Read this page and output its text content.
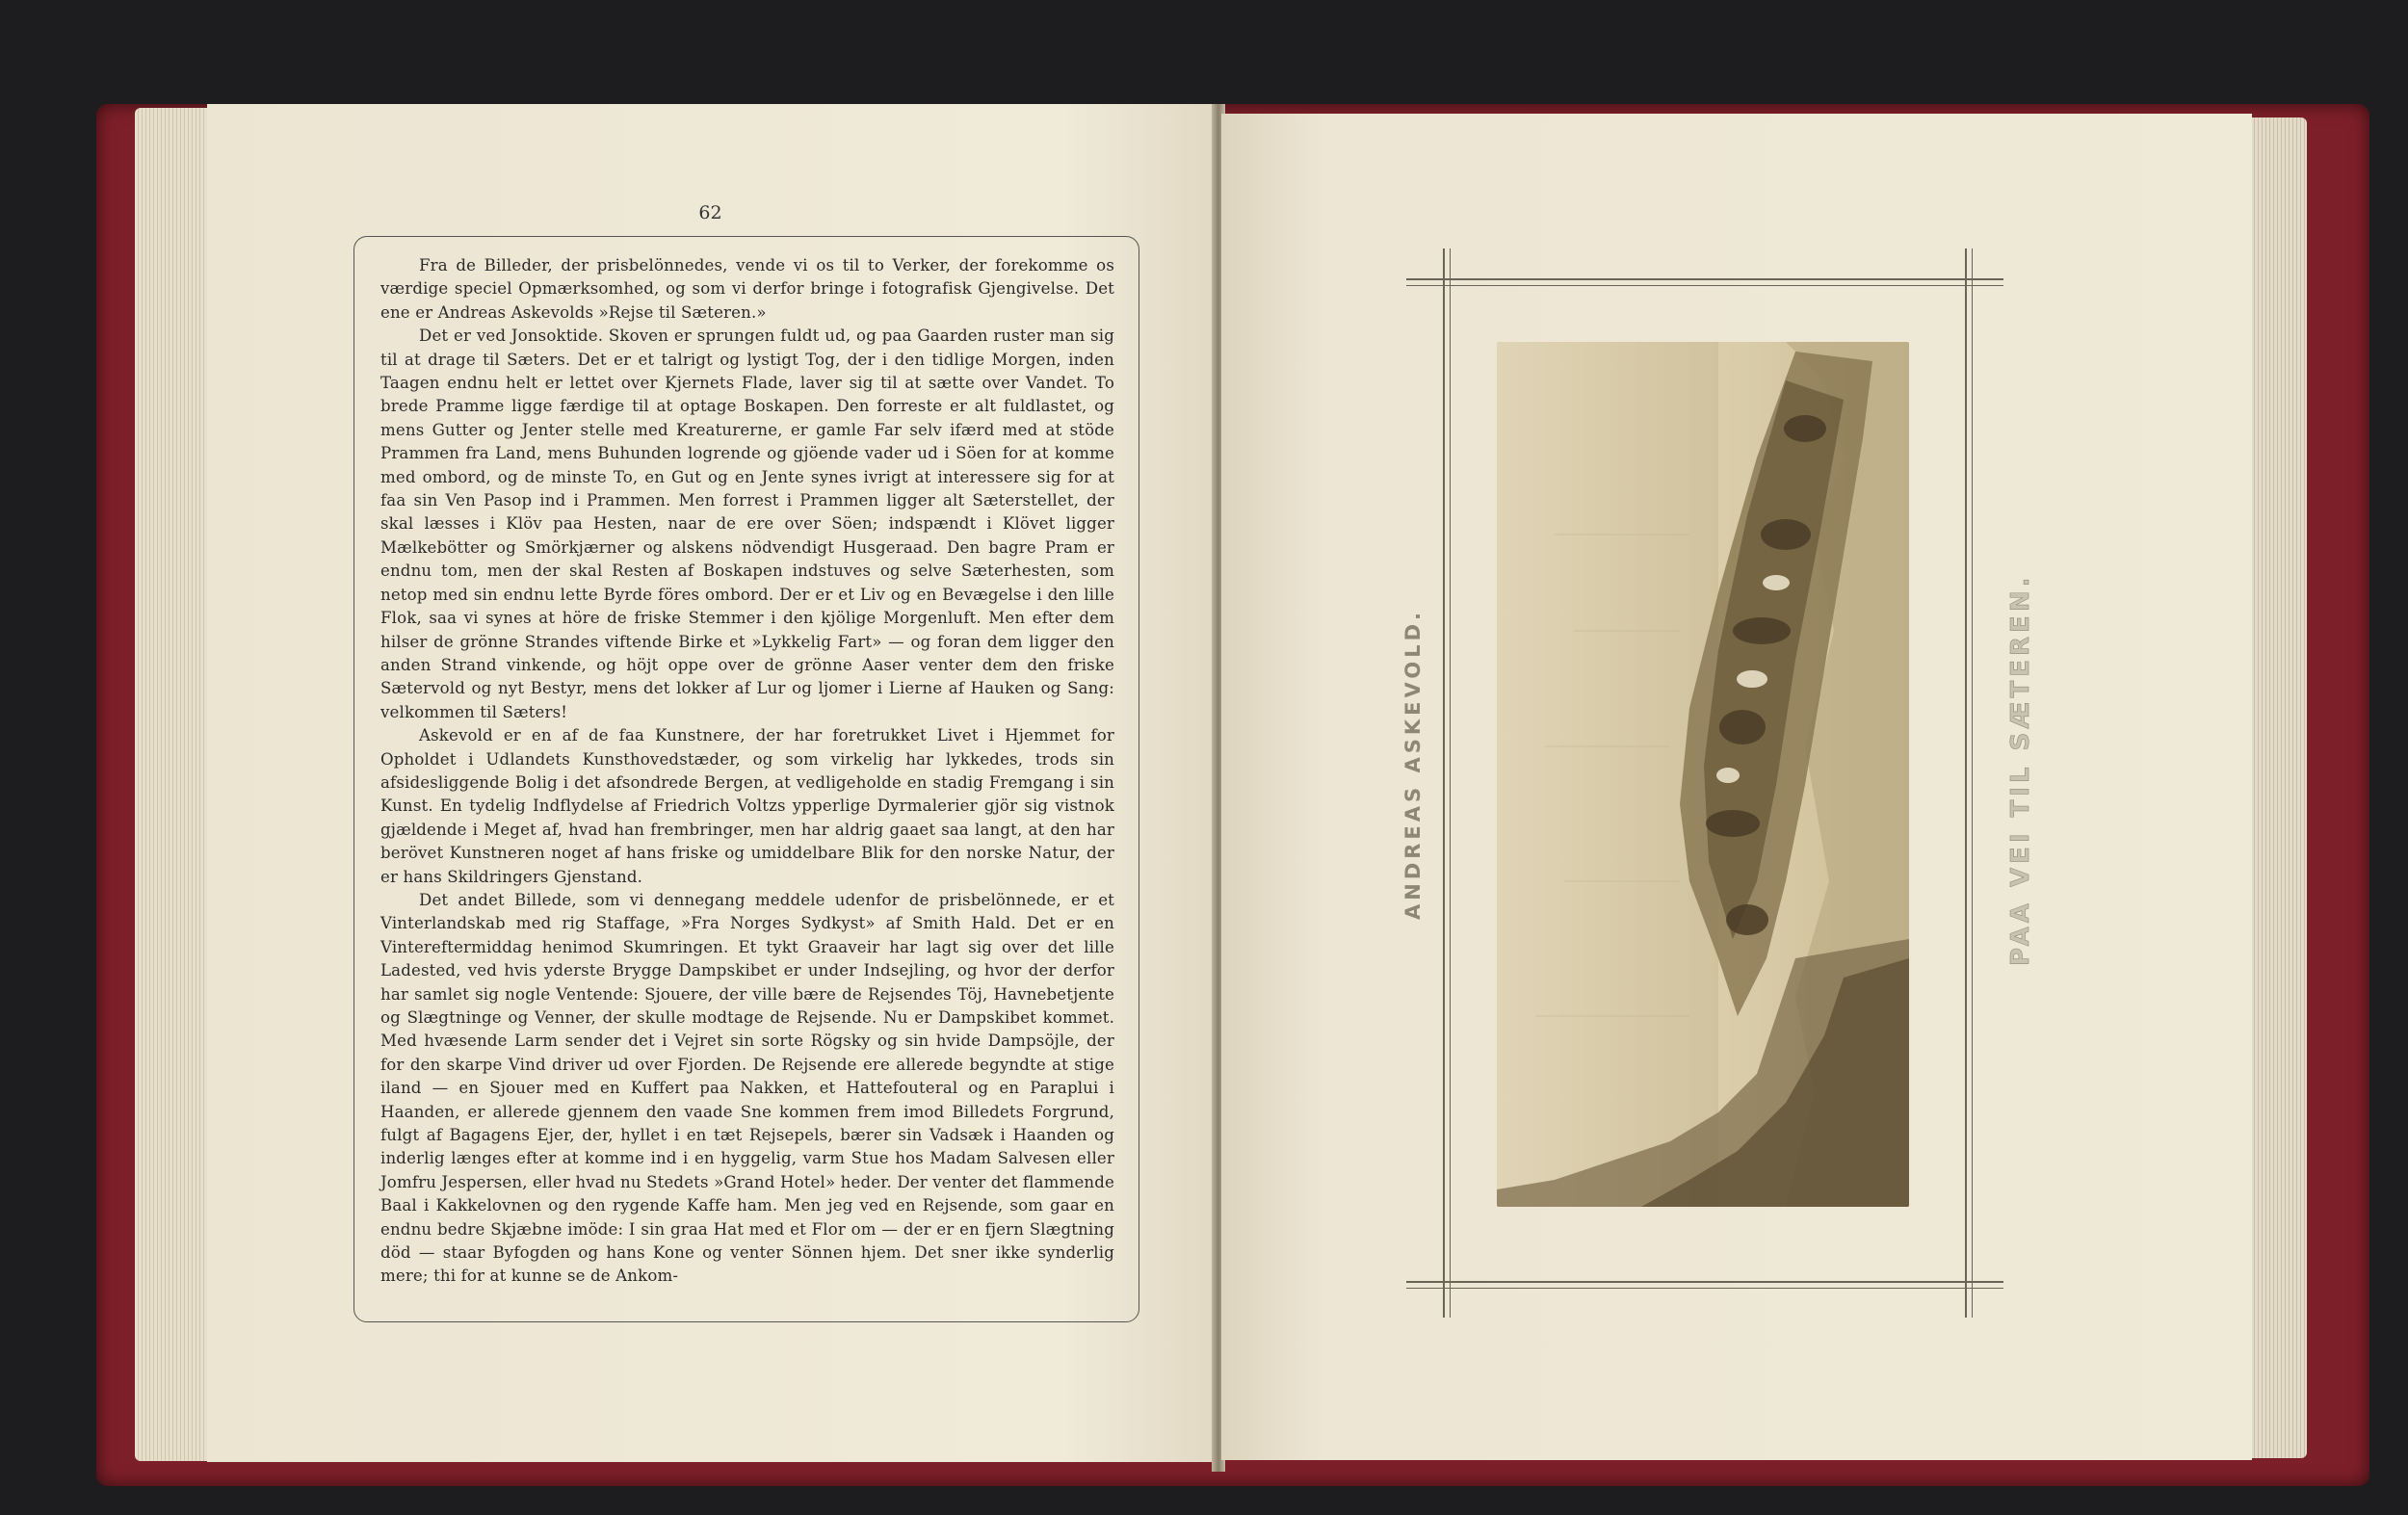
62

Fra de Billeder, der prisbelönnedes, vende vi os til to Verker, der forekomme os værdige speciel Opmærksomhed, og som vi derfor bringe i fotografisk Gjengivelse. Det ene er Andreas Askevolds »Rejse til Sæteren.»

Det er ved Jonsoktide. Skoven er sprungen fuldt ud, og paa Gaarden ruster man sig til at drage til Sæters. Det er et talrigt og lystigt Tog, der i den tidlige Morgen, inden Taagen endnu helt er lettet over Kjernets Flade, laver sig til at sætte over Vandet. To brede Pramme ligge færdige til at optage Boskapen. Den forreste er alt fuldlastet, og mens Gutter og Jenter stelle med Kreaturerne, er gamle Far selv ifærd med at stöde Prammen fra Land, mens Buhunden logrende og gjöende vader ud i Söen for at komme med ombord, og de minste To, en Gut og en Jente synes ivrigt at interessere sig for at faa sin Ven Pasop ind i Prammen. Men forrest i Prammen ligger alt Sæterstellet, der skal læsses i Klöv paa Hesten, naar de ere over Söen; indspændt i Klövet ligger Mælkebötter og Smörkjærner og alskens nödvendigt Husgeraad. Den bagre Pram er endnu tom, men der skal Resten af Boskapen indstuves og selve Sæterhesten, som netop med sin endnu lette Byrde föres ombord. Der er et Liv og en Bevægelse i den lille Flok, saa vi synes at höre de friske Stemmer i den kjölige Morgenluft. Men efter dem hilser de grönne Strandes viftende Birke et »Lykkelig Fart» — og foran dem ligger den anden Strand vinkende, og höjt oppe over de grönne Aaser venter dem den friske Sætervold og nyt Bestyr, mens det lokker af Lur og ljomer i Lierne af Hauken og Sang: velkommen til Sæters!

Askevold er en af de faa Kunstnere, der har foretrukket Livet i Hjemmet for Opholdet i Udlandets Kunsthovedstæder, og som virkelig har lykkedes, trods sin afsidesliggende Bolig i det afsondrede Bergen, at vedligeholde en stadig Fremgang i sin Kunst. En tydelig Indflydelse af Friedrich Voltzs ypperlige Dyrmalerier gjör sig vistnok gjældende i Meget af, hvad han frembringer, men har aldrig gaaet saa langt, at den har berövet Kunstneren noget af hans friske og umiddelbare Blik for den norske Natur, der er hans Skildringers Gjenstand.

Det andet Billede, som vi dennegang meddele udenfor de prisbelönnede, er et Vinterlandskab med rig Staffage, »Fra Norges Sydkyst» af Smith Hald. Det er en Vintereftermiddag henimod Skumringen. Et tykt Graaveir har lagt sig over det lille Ladested, ved hvis yderste Brygge Dampskibet er under Indsejling, og hvor der derfor har samlet sig nogle Ventende: Sjouere, der ville bære de Rejsendes Töj, Havnebetjente og Slægtninge og Venner, der skulle modtage de Rejsende. Nu er Dampskibet kommet. Med hvæsende Larm sender det i Vejret sin sorte Rögsky og sin hvide Dampsöjle, der for den skarpe Vind driver ud over Fjorden. De Rejsende ere allerede begyndte at stige iland — en Sjouer med en Kuffert paa Nakken, et Hattefouteral og en Paraplui i Haanden, er allerede gjennem den vaade Sne kommen frem imod Billedets Forgrund, fulgt af Bagagens Ejer, der, hyllet i en tæt Rejsepels, bærer sin Vadsæk i Haanden og inderlig længes efter at komme ind i en hyggelig, varm Stue hos Madam Salvesen eller Jomfru Jespersen, eller hvad nu Stedets »Grand Hotel» heder. Der venter det flammende Baal i Kakkelovnen og den rygende Kaffe ham. Men jeg ved en Rejsende, som gaar en endnu bedre Skjæbne imöde: I sin graa Hat med et Flor om — der er en fjern Slægtning död — staar Byfogden og hans Kone og venter Sönnen hjem. Det sner ikke synderlig mere; thi for at kunne se de Ankom-

ANDREAS ASKEVOLD.	PAA VEI TIL SÆTEREN.
